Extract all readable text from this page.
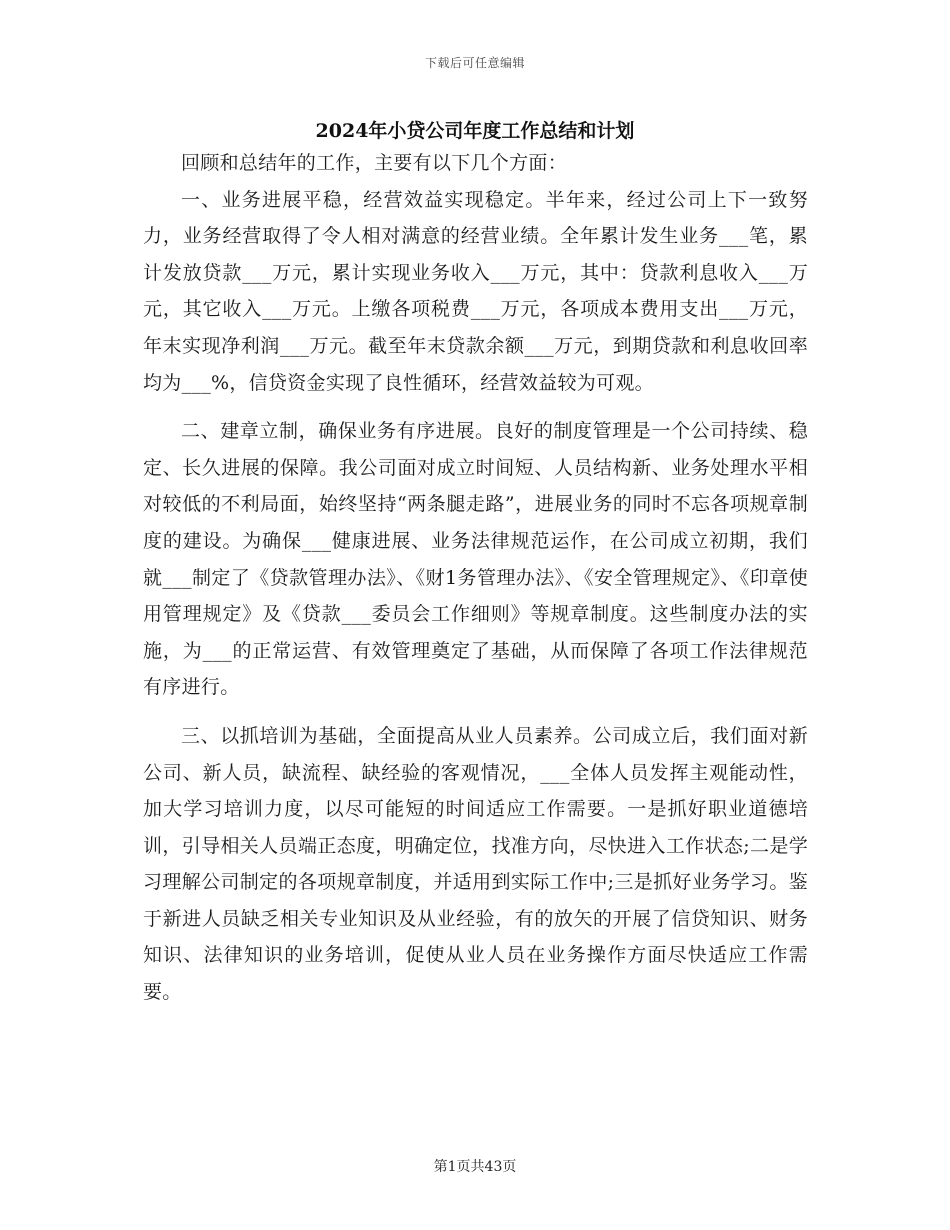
下载后可任意编辑
2024年小贷公司年度工作总结和计划

回顾和总结年的工作，主要有以下几个方面：

一、业务进展平稳，经营效益实现稳定。半年来，经过公司上下一致努力，业务经营取得了令人相对满意的经营业绩。全年累计发生业务___笔，累计发放贷款___万元，累计实现业务收入___万元，其中：贷款利息收入___万元，其它收入___万元。上缴各项税费___万元，各项成本费用支出___万元，年末实现净利润___万元。截至年末贷款余额___万元，到期贷款和利息收回率均为___%，信贷资金实现了良性循环，经营效益较为可观。

二、建章立制，确保业务有序进展。良好的制度管理是一个公司持续、稳定、长久进展的保障。我公司面对成立时间短、人员结构新、业务处理水平相对较低的不利局面，始终坚持“两条腿走路”，进展业务的同时不忘各项规章制度的建设。为确保___健康进展、业务法律规范运作，在公司成立初期，我们就___制定了《贷款管理办法》、《财1务管理办法》、《安全管理规定》、《印章使用管理规定》及《贷款___委员会工作细则》等规章制度。这些制度办法的实施，为___的正常运营、有效管理奠定了基础，从而保障了各项工作法律规范有序进行。

三、以抓培训为基础，全面提高从业人员素养。公司成立后，我们面对新公司、新人员，缺流程、缺经验的客观情况，___全体人员发挥主观能动性，加大学习培训力度，以尽可能短的时间适应工作需要。一是抓好职业道德培训，引导相关人员端正态度，明确定位，找准方向，尽快进入工作状态;二是学习理解公司制定的各项规章制度，并适用到实际工作中;三是抓好业务学习。鉴于新进人员缺乏相关专业知识及从业经验，有的放矢的开展了信贷知识、财务知识、法律知识的业务培训，促使从业人员在业务操作方面尽快适应工作需要。

第1页共43页
